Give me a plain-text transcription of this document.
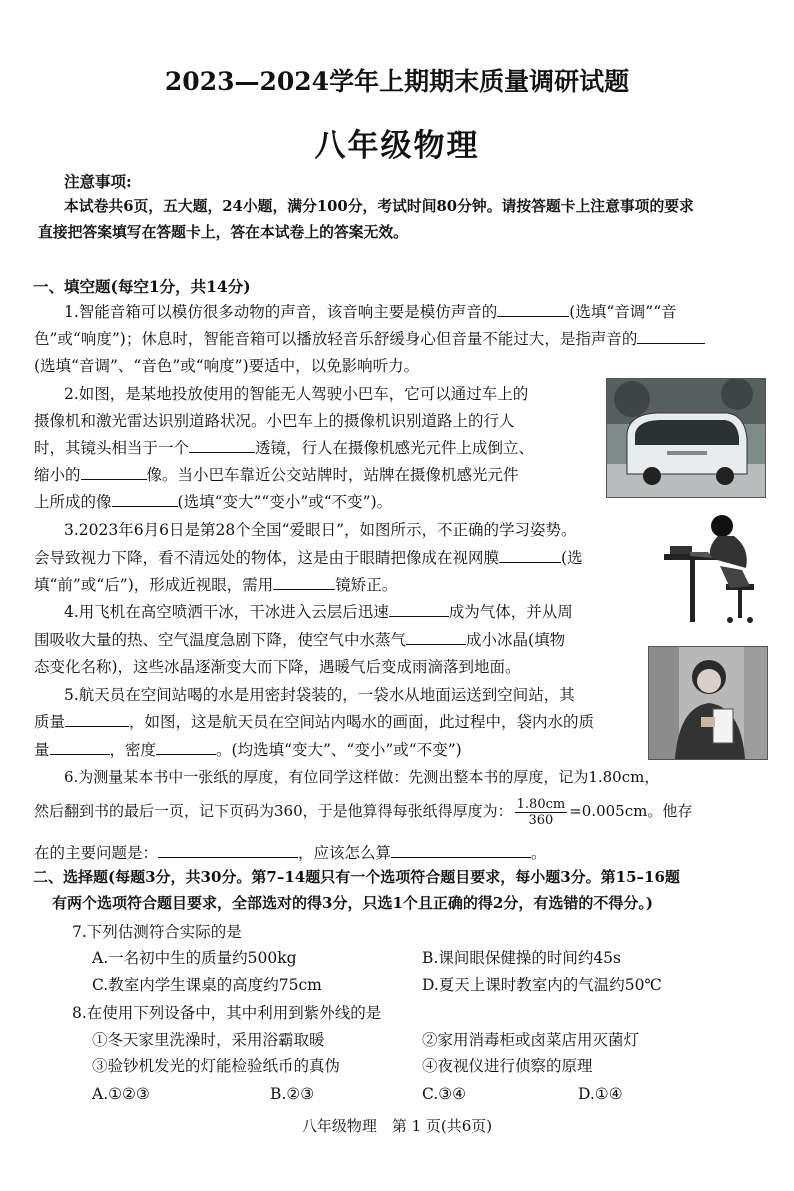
2023—2024学年上期期末质量调研试题
八年级物理
注意事项:
本试卷共6页，五大题，24小题，满分100分，考试时间80分钟。请按答题卡上注意事项的要求
直接把答案填写在答题卡上，答在本试卷上的答案无效。
一、填空题(每空1分，共14分)
1.智能音箱可以模仿很多动物的声音，该音响主要是模仿声音的	(选填“音调”“音
色”或“响度”)；休息时，智能音箱可以播放轻音乐舒缓身心但音量不能过大，是指声音的
(选填“音调”、“音色”或“响度”)要适中，以免影响听力。
2.如图，是某地投放使用的智能无人驾驶小巴车，它可以通过车上的
摄像机和激光雷达识别道路状况。小巴车上的摄像机识别道路上的行人
时，其镜头相当于一个	透镜，行人在摄像机感光元件上成倒立、
缩小的	像。当小巴车靠近公交站牌时，站牌在摄像机感光元件
上所成的像	(选填“变大”“变小”或“不变”)。
3.2023年6月6日是第28个全国“爱眼日”，如图所示，不正确的学习姿势。
会导致视力下降，看不清远处的物体，这是由于眼睛把像成在视网膜	(选
填“前”或“后”)，形成近视眼，需用	镜矫正。
4.用飞机在高空喷洒干冰，干冰进入云层后迅速	成为气体，并从周
围吸收大量的热、空气温度急剧下降，使空气中水蒸气	成小冰晶(填物
态变化名称)，这些冰晶逐渐变大而下降，遇暖气后变成雨滴落到地面。
5.航天员在空间站喝的水是用密封袋装的，一袋水从地面运送到空间站，其
质量	，如图，这是航天员在空间站内喝水的画面，此过程中，袋内水的质
量	，密度	。(均选填“变大”、“变小”或“不变”)
6.为测量某本书中一张纸的厚度，有位同学这样做：先测出整本书的厚度，记为1.80cm，
然后翻到书的最后一页，记下页码为360，于是他算得每张纸得厚度为： $\frac{1.80cm}{360} =0.005cm$。他存
在的主要问题是：	，应该怎么算	。
二、选择题(每题3分，共30分。第7–14题只有一个选项符合题目要求，每小题3分。第15–16题
有两个选项符合题目要求，全部选对的得3分，只选1个且正确的得2分，有选错的不得分。)
7.下列估测符合实际的是
A.一名初中生的质量约500kg	B.课间眼保健操的时间约45s
C.教室内学生课桌的高度约75cm	D.夏天上课时教室内的气温约50℃
8.在使用下列设备中，其中利用到紫外线的是
①冬天家里洗澡时，采用浴霸取暖	②家用消毒柜或卤菜店用灭菌灯
③验钞机发光的灯能检验纸币的真伪	④夜视仪进行侦察的原理
A.①②③	B.②③	C.③④	D.①④
八年级物理　第 1 页(共6页)
